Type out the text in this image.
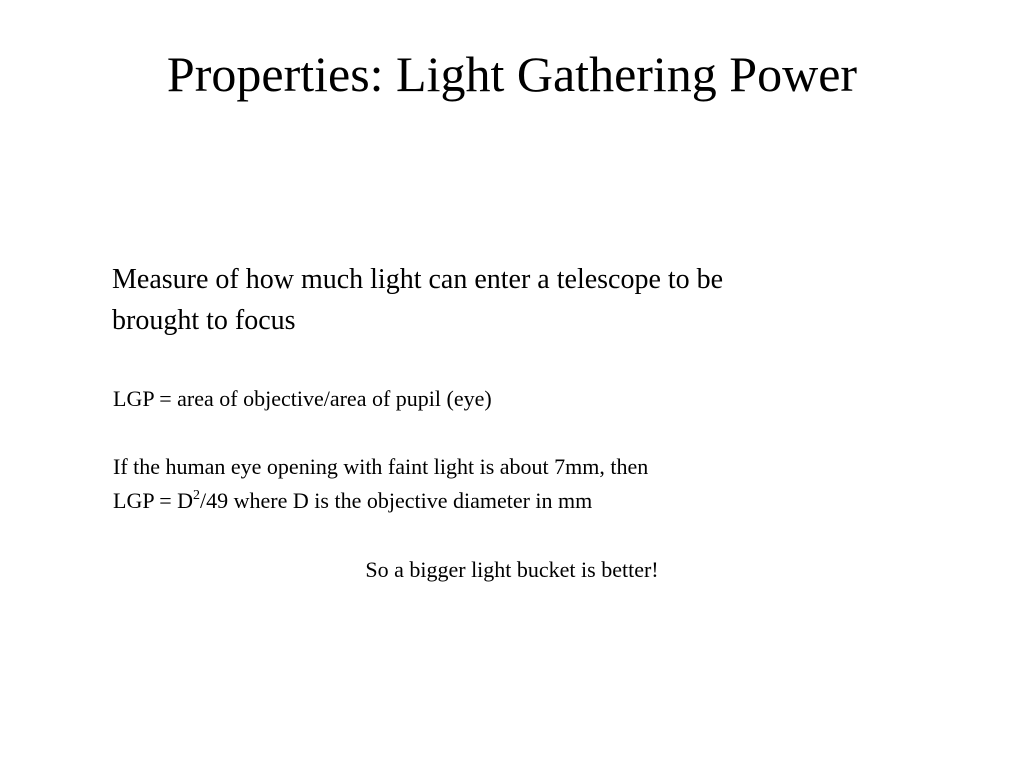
Properties: Light Gathering Power
Measure of how much light can enter a telescope to be
brought to focus
LGP = area of objective/area of pupil (eye)
If the human eye opening with faint light is about 7mm, then
LGP = $D^2/49$ where D is the objective diameter in mm
So a bigger light bucket is better!
